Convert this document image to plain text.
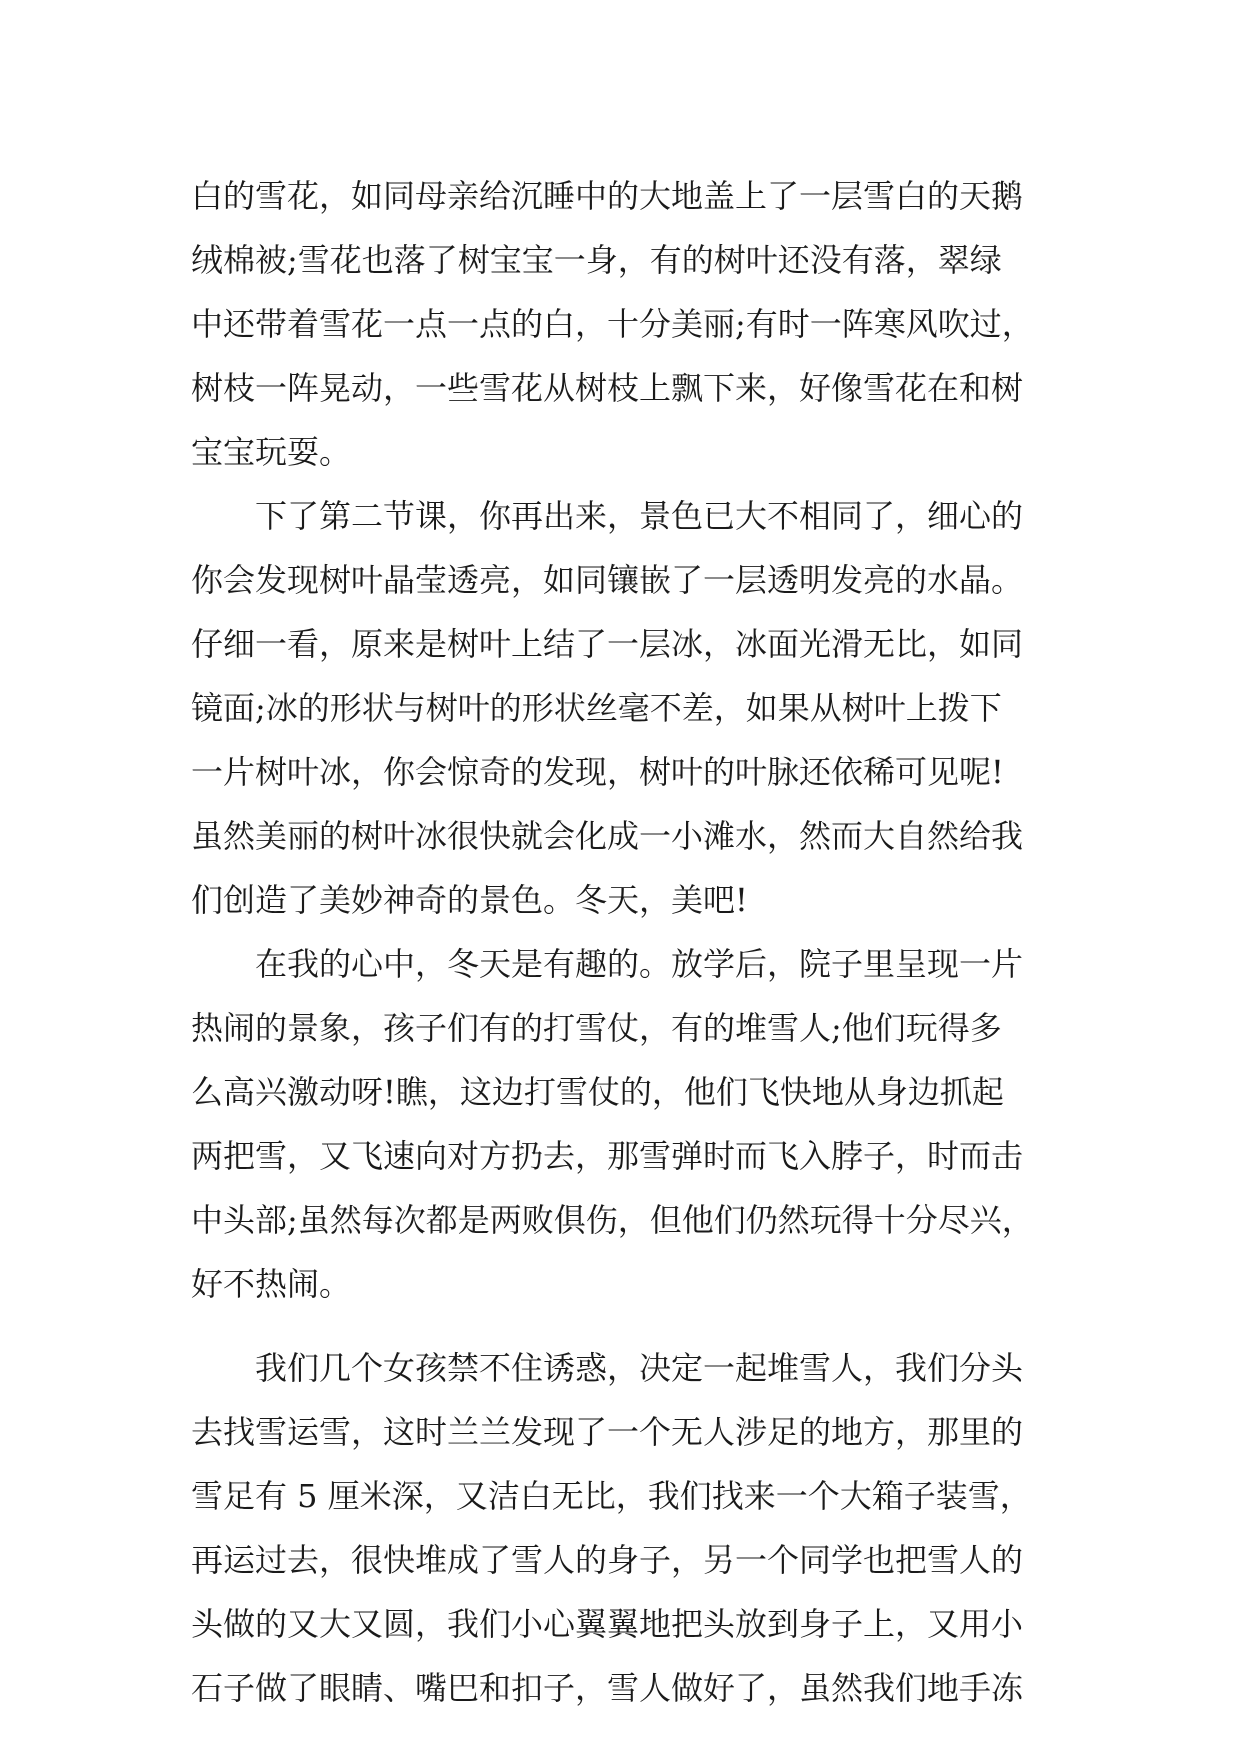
白的雪花，如同母亲给沉睡中的大地盖上了一层雪白的天鹅
绒棉被;雪花也落了树宝宝一身，有的树叶还没有落，翠绿
中还带着雪花一点一点的白，十分美丽;有时一阵寒风吹过，
树枝一阵晃动，一些雪花从树枝上飘下来，好像雪花在和树
宝宝玩耍。
下了第二节课，你再出来，景色已大不相同了，细心的
你会发现树叶晶莹透亮，如同镶嵌了一层透明发亮的水晶。
仔细一看，原来是树叶上结了一层冰，冰面光滑无比，如同
镜面;冰的形状与树叶的形状丝毫不差，如果从树叶上拨下
一片树叶冰，你会惊奇的发现，树叶的叶脉还依稀可见呢!
虽然美丽的树叶冰很快就会化成一小滩水，然而大自然给我
们创造了美妙神奇的景色。冬天，美吧!
在我的心中，冬天是有趣的。放学后，院子里呈现一片
热闹的景象，孩子们有的打雪仗，有的堆雪人;他们玩得多
么高兴激动呀!瞧，这边打雪仗的，他们飞快地从身边抓起
两把雪，又飞速向对方扔去，那雪弹时而飞入脖子，时而击
中头部;虽然每次都是两败俱伤，但他们仍然玩得十分尽兴，
好不热闹。
我们几个女孩禁不住诱惑，决定一起堆雪人，我们分头
去找雪运雪，这时兰兰发现了一个无人涉足的地方，那里的
雪足有 5 厘米深，又洁白无比，我们找来一个大箱子装雪，
再运过去，很快堆成了雪人的身子，另一个同学也把雪人的
头做的又大又圆，我们小心翼翼地把头放到身子上，又用小
石子做了眼睛、嘴巴和扣子，雪人做好了，虽然我们地手冻
